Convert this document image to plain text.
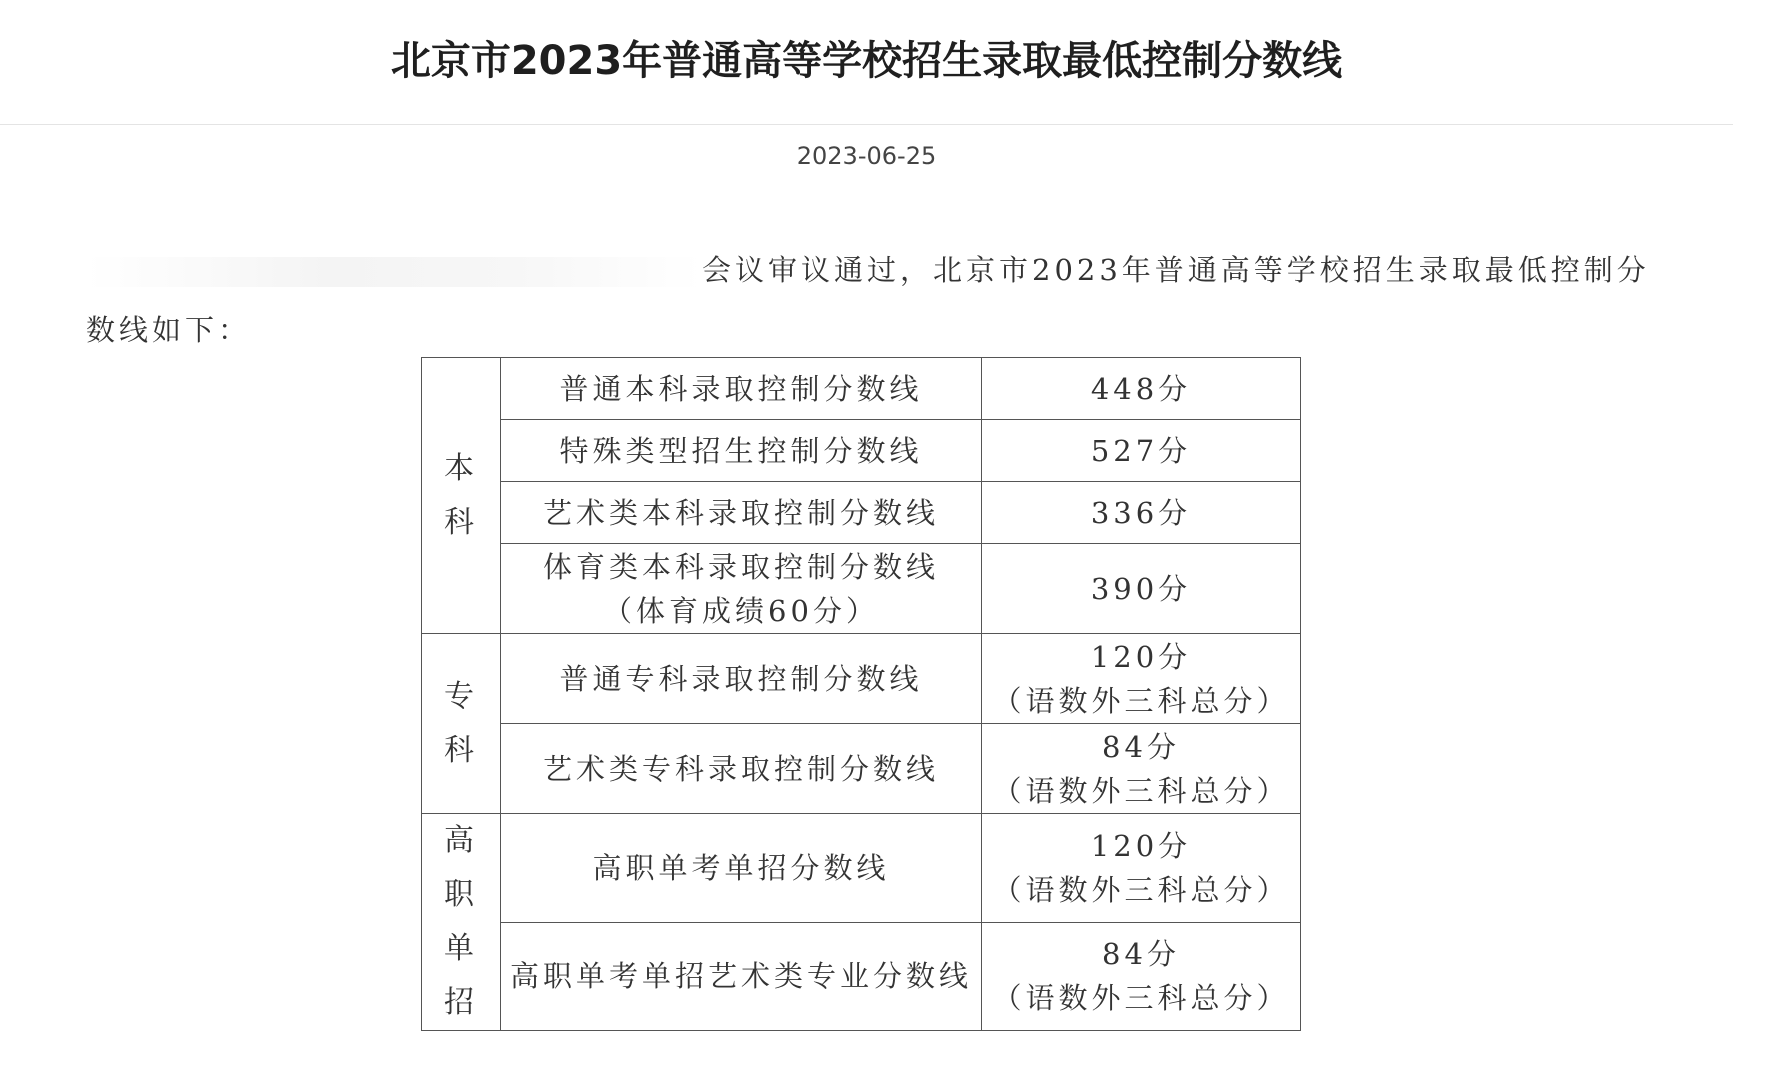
北京市2023年普通高等学校招生录取最低控制分数线
2023-06-25
会议审议通过，北京市2023年普通高等学校招生录取最低控制分
数线如下：
本
科	普通本科录取控制分数线	448分
	特殊类型招生控制分数线	527分
	艺术类本科录取控制分数线	336分

	体育类本科录取控制分数线
（体育成绩60分）	390分

专
科	普通专科录取控制分数线	120分
（语数外三科总分）

	艺术类专科录取控制分数线	84分
（语数外三科总分）

高
职
单
招	高职单考单招分数线	120分
（语数外三科总分）

	高职单考单招艺术类专业分数线	84分
（语数外三科总分）
